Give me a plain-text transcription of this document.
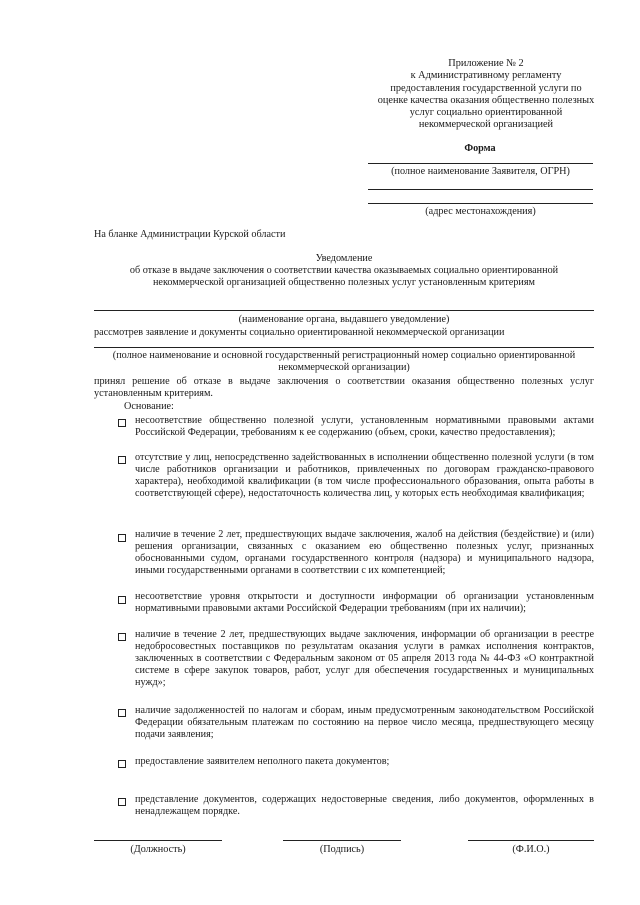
Приложение № 2
к Административному регламенту
предоставления государственной услуги по
оценке качества оказания общественно полезных
услуг социально ориентированной
некоммерческой организацией
Форма
(полное наименование Заявителя, ОГРН)
(адрес местонахождения)
На бланке Администрации Курской области
Уведомление
об отказе в выдаче заключения о соответствии качества оказываемых социально ориентированной
некоммерческой организацией общественно полезных услуг установленным критериям
(наименование органа, выдавшего уведомление)
рассмотрев заявление и документы социально ориентированной некоммерческой организации
(полное наименование и основной государственный регистрационный номер социально ориентированной
некоммерческой организации)
принял решение об отказе в выдаче заключения о соответствии оказания общественно полезных услуг установленным критериям.
Основание:
несоответствие общественно полезной услуги, установленным нормативными правовыми актами Российской Федерации, требованиям к ее содержанию (объем, сроки, качество предоставления);
отсутствие у лиц, непосредственно задействованных в исполнении общественно полезной услуги (в том числе работников организации и работников, привлеченных по договорам гражданско-правового характера), необходимой квалификации (в том числе профессионального образования, опыта работы в соответствующей сфере), недостаточность количества лиц, у которых есть необходимая квалификация;
наличие в течение 2 лет, предшествующих выдаче заключения, жалоб на действия (бездействие) и (или) решения организации, связанных с оказанием ею общественно полезных услуг, признанных обоснованными судом, органами государственного контроля (надзора) и муниципального надзора, иными государственными органами в соответствии с их компетенцией;
несоответствие уровня открытости и доступности информации об организации установленным нормативными правовыми актами Российской Федерации требованиям (при их наличии);
наличие в течение 2 лет, предшествующих выдаче заключения, информации об организации в реестре недобросовестных поставщиков по результатам оказания услуги в рамках исполнения контрактов, заключенных в соответствии с Федеральным законом от 05 апреля 2013 года № 44-ФЗ «О контрактной системе в сфере закупок товаров, работ, услуг для обеспечения государственных и муниципальных нужд»;
наличие задолженностей по налогам и сборам, иным предусмотренным законодательством Российской Федерации обязательным платежам по состоянию на первое число месяца, предшествующего месяцу подачи заявления;
предоставление заявителем неполного пакета документов;
представление документов, содержащих недостоверные сведения, либо документов, оформленных в ненадлежащем порядке.
(Должность)	(Подпись)	(Ф.И.О.)
